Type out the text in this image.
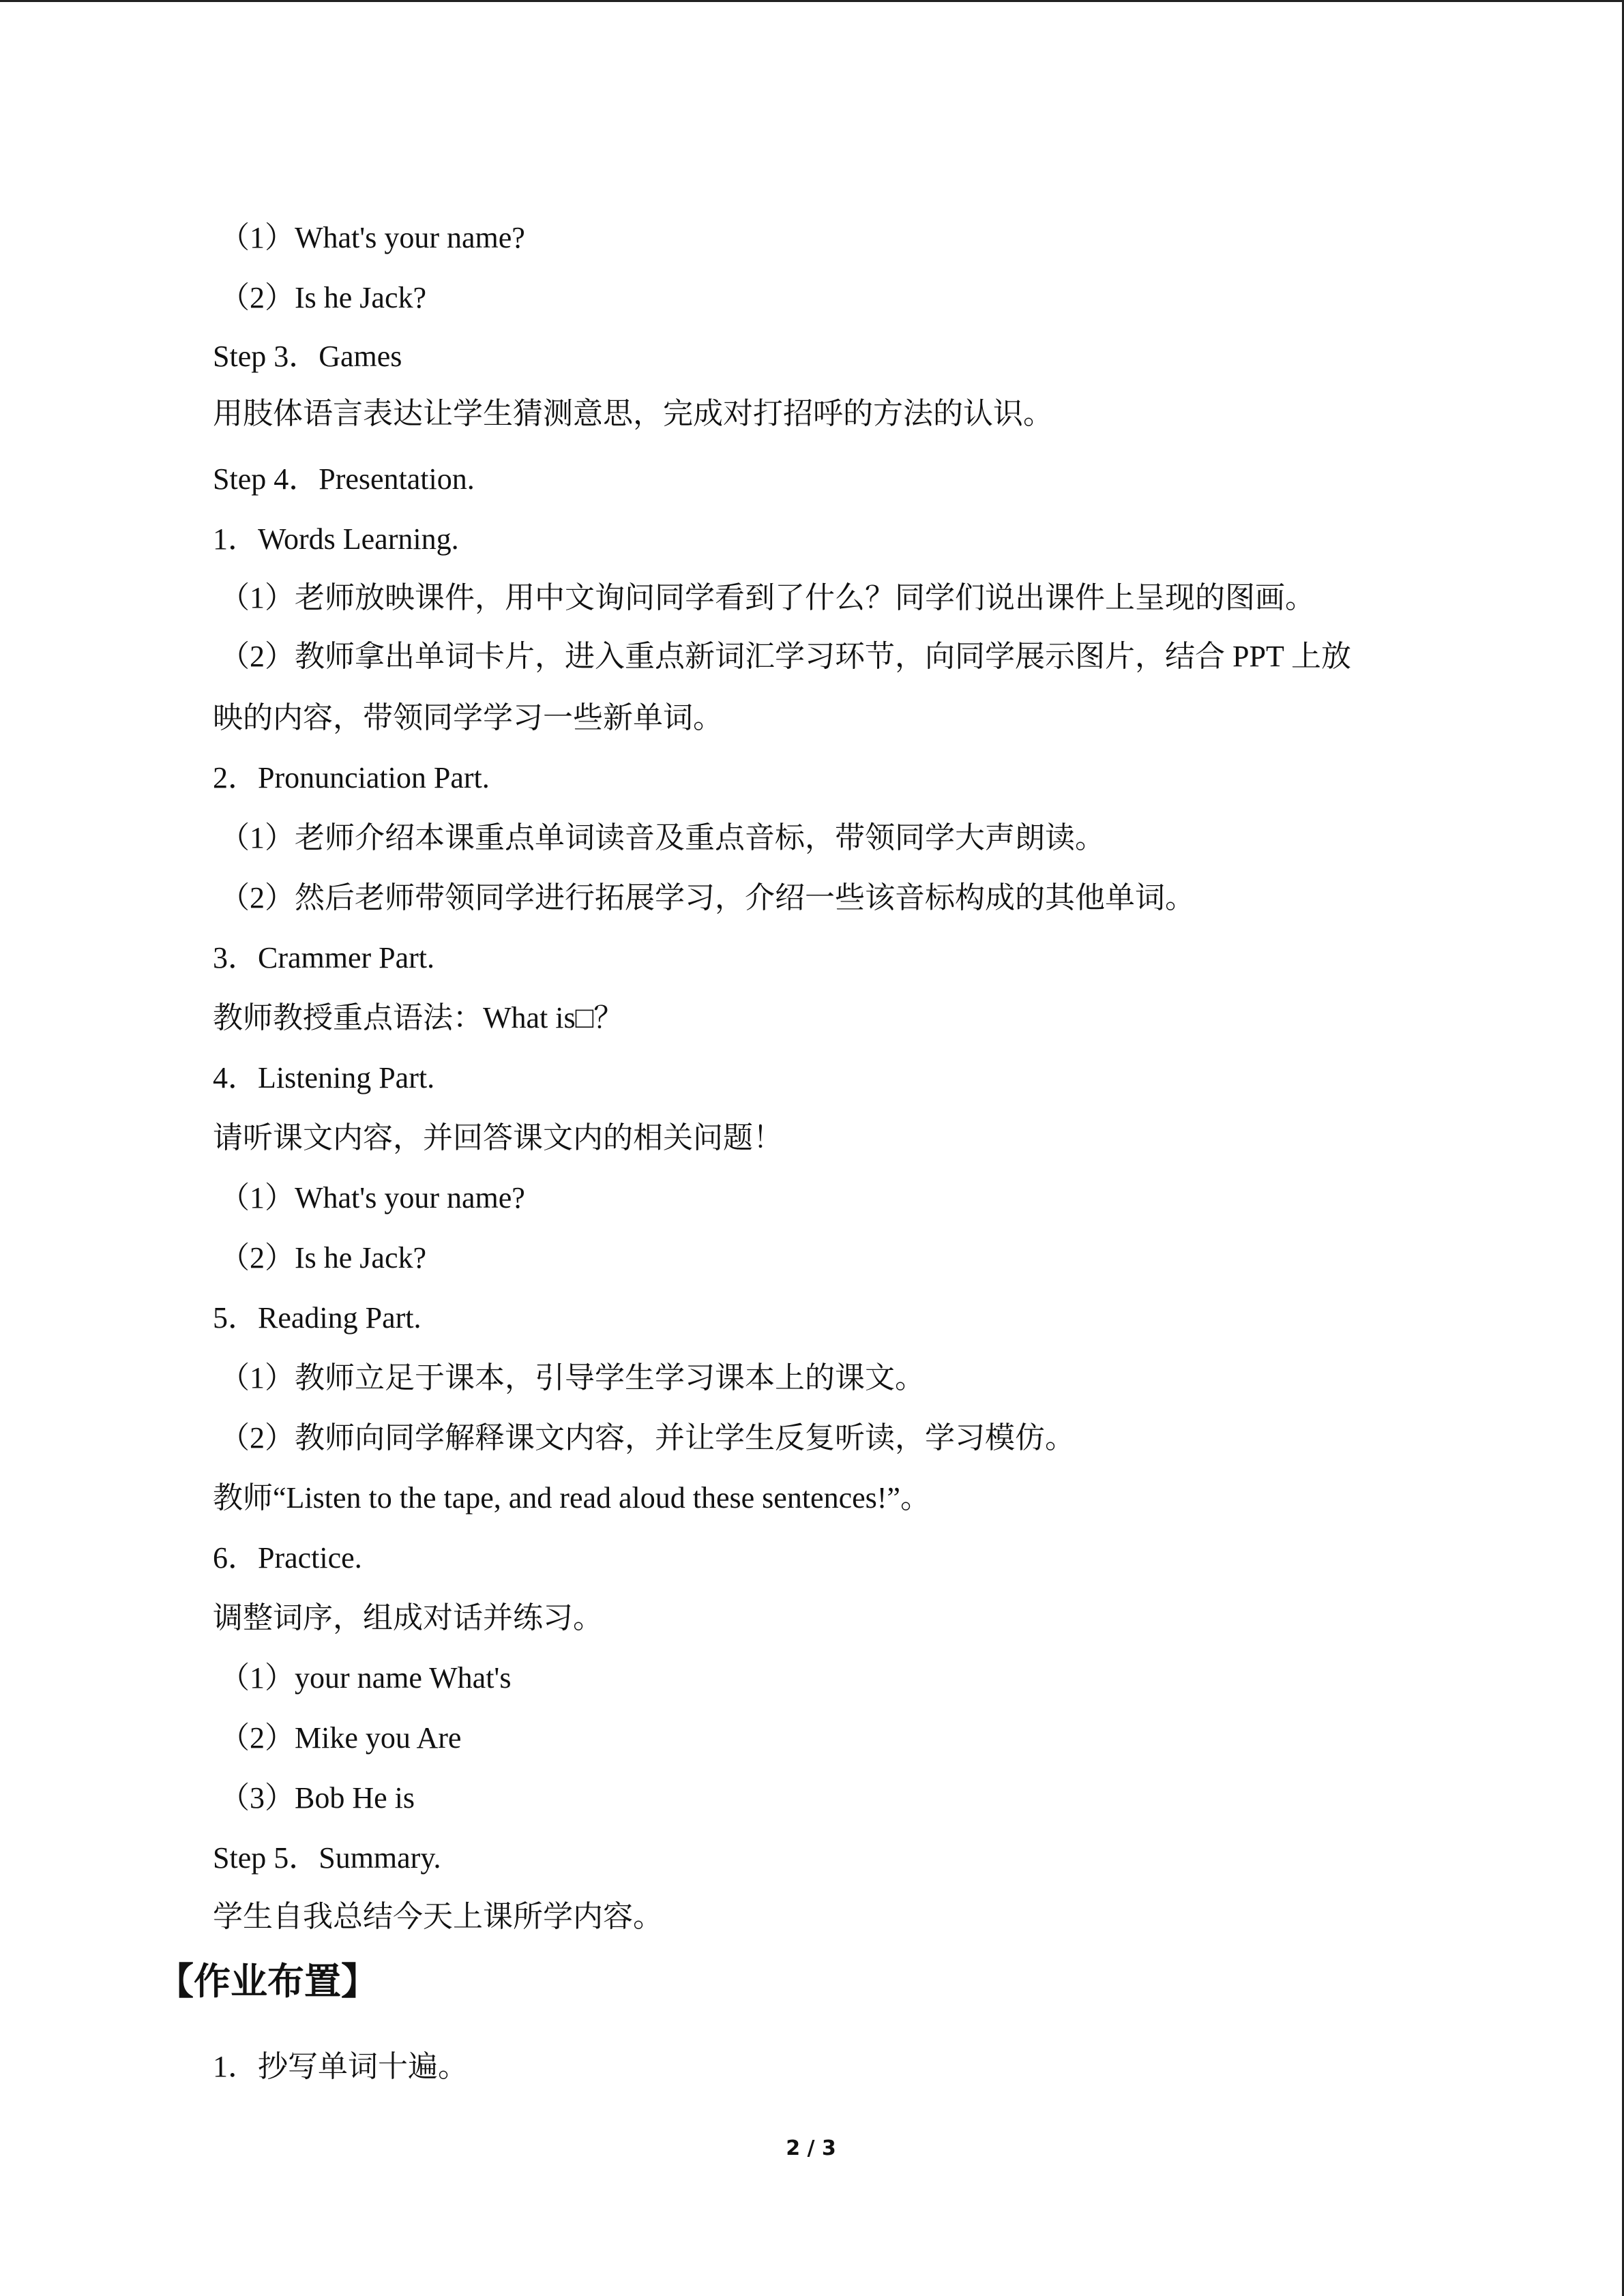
（1）What's your name?
（2）Is he Jack?
Step 3．Games
用肢体语言表达让学生猜测意思，完成对打招呼的方法的认识。
Step 4．Presentation.
1．Words Learning.
（1）老师放映课件，用中文询问同学看到了什么？同学们说出课件上呈现的图画。
（2）教师拿出单词卡片，进入重点新词汇学习环节，向同学展示图片，结合 PPT 上放
映的内容，带领同学学习一些新单词。
2．Pronunciation Part.
（1）老师介绍本课重点单词读音及重点音标，带领同学大声朗读。
（2）然后老师带领同学进行拓展学习，介绍一些该音标构成的其他单词。
3．Crammer Part.
教师教授重点语法：What is□？
4．Listening Part.
请听课文内容，并回答课文内的相关问题！
（1）What's your name?
（2）Is he Jack?
5．Reading Part.
（1）教师立足于课本，引导学生学习课本上的课文。
（2）教师向同学解释课文内容，并让学生反复听读，学习模仿。
教师“Listen to the tape, and read aloud these sentences!”。
6．Practice.
调整词序，组成对话并练习。
（1）your name What's
（2）Mike you Are
（3）Bob He is
Step 5．Summary.
学生自我总结今天上课所学内容。
【作业布置】
1．抄写单词十遍。
2 / 3
